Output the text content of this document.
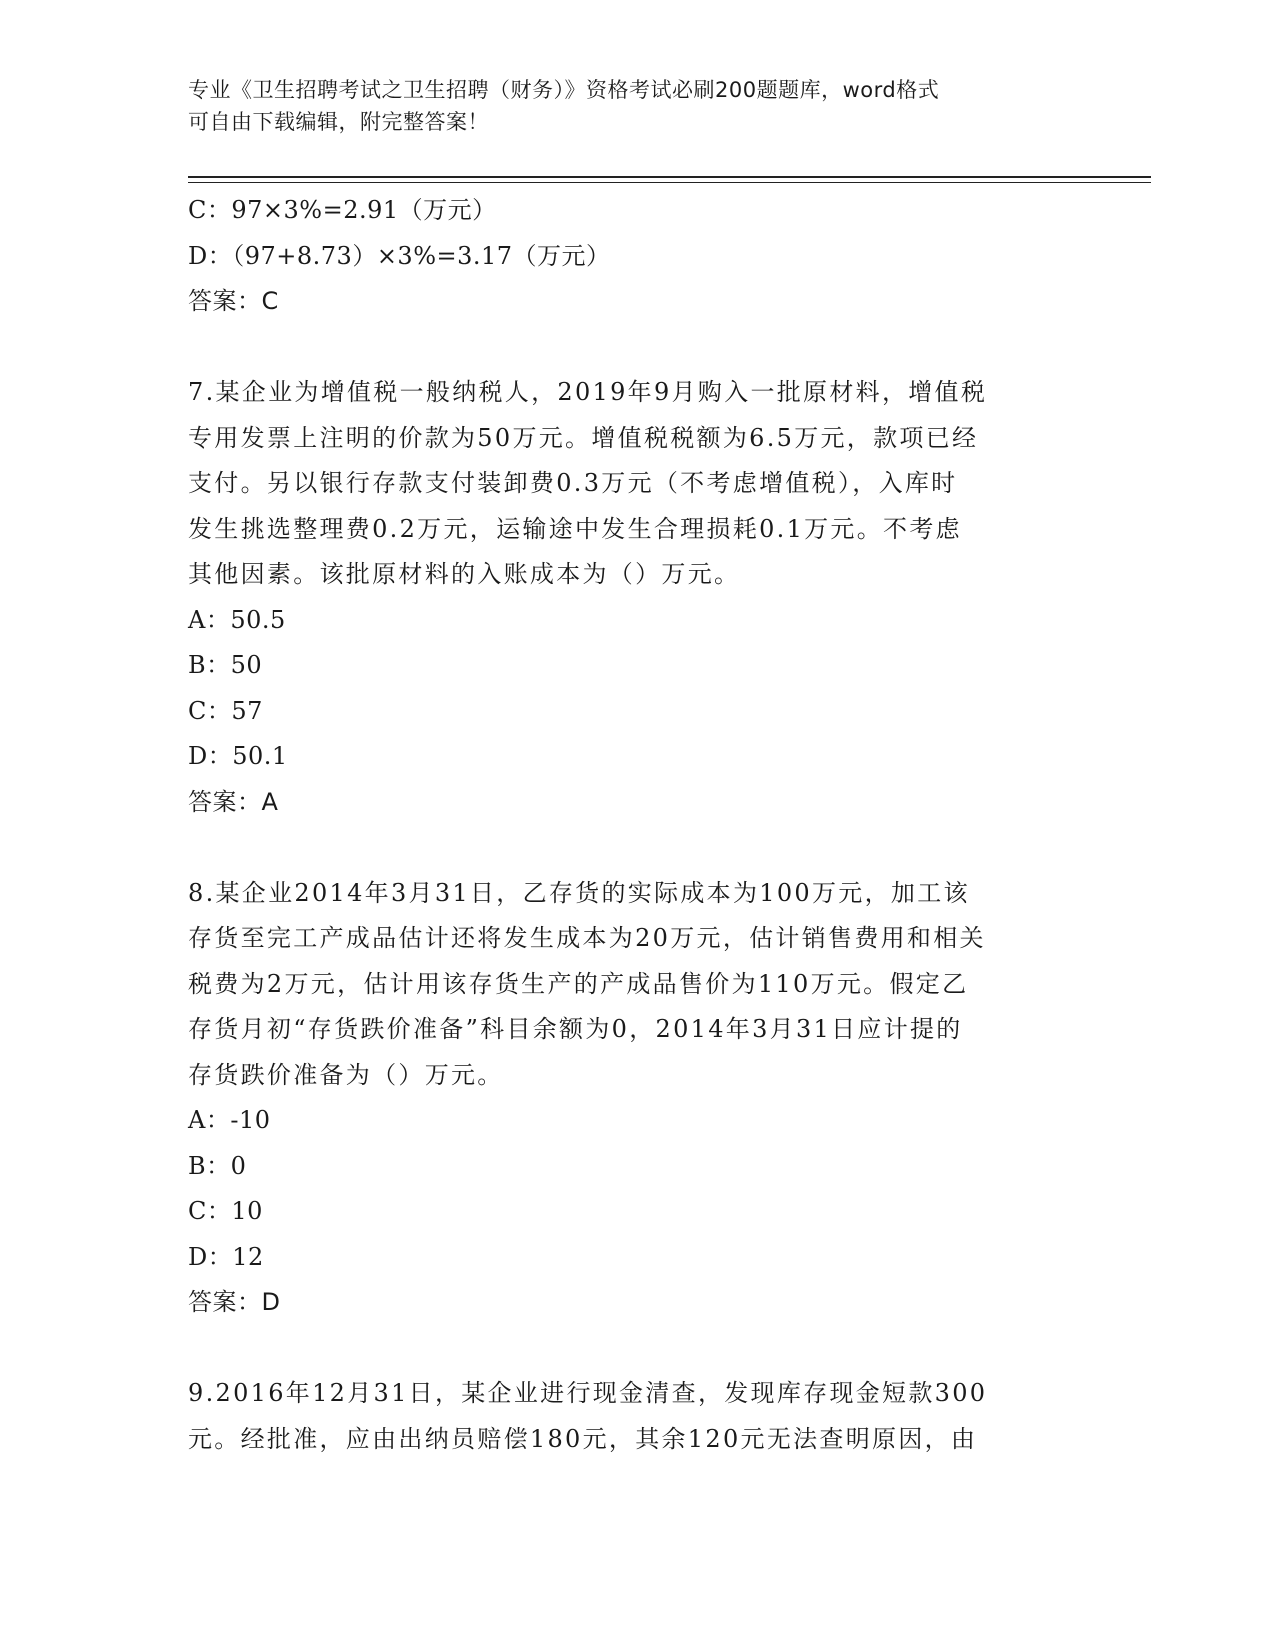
专业《卫生招聘考试之卫生招聘（财务）》资格考试必刷200题题库，word格式
可自由下载编辑，附完整答案！
C：97×3%=2.91（万元）
D：（97+8.73）×3%=3.17（万元）
答案：C
7.某企业为增值税一般纳税人，2019年9月购入一批原材料，增值税
专用发票上注明的价款为50万元。增值税税额为6.5万元，款项已经
支付。另以银行存款支付装卸费0.3万元（不考虑增值税），入库时
发生挑选整理费0.2万元，运输途中发生合理损耗0.1万元。不考虑
其他因素。该批原材料的入账成本为（）万元。
A：50.5
B：50
C：57
D：50.1
答案：A
8.某企业2014年3月31日，乙存货的实际成本为100万元，加工该
存货至完工产成品估计还将发生成本为20万元，估计销售费用和相关
税费为2万元，估计用该存货生产的产成品售价为110万元。假定乙
存货月初“存货跌价准备”科目余额为0，2014年3月31日应计提的
存货跌价准备为（）万元。
A：-10
B：0
C：10
D：12
答案：D
9.2016年12月31日，某企业进行现金清查，发现库存现金短款300
元。经批准，应由出纳员赔偿180元，其余120元无法查明原因，由
